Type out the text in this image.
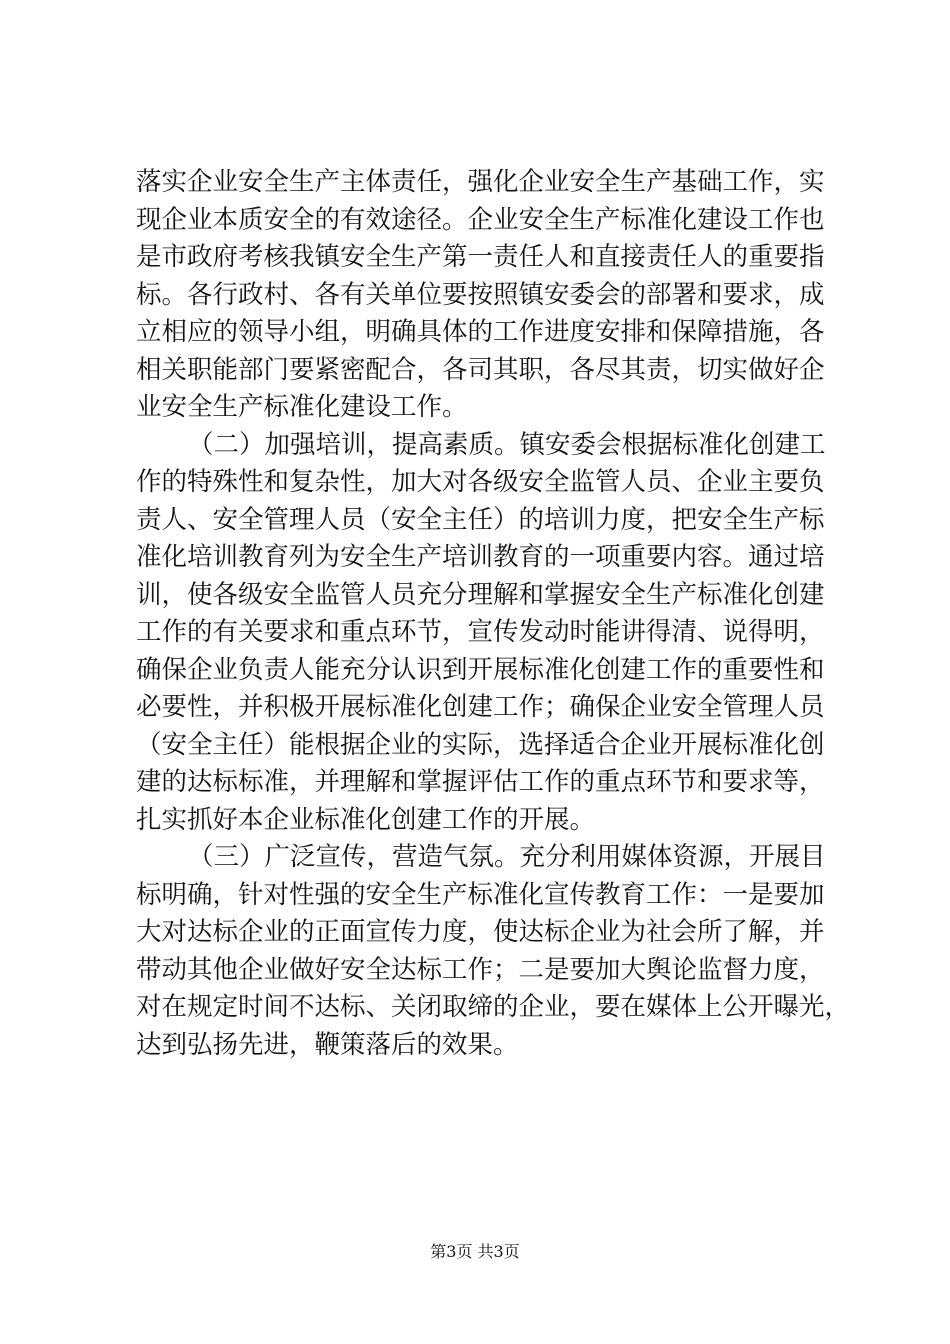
落实企业安全生产主体责任，强化企业安全生产基础工作，实
现企业本质安全的有效途径。企业安全生产标准化建设工作也
是市政府考核我镇安全生产第一责任人和直接责任人的重要指
标。各行政村、各有关单位要按照镇安委会的部署和要求，成
立相应的领导小组，明确具体的工作进度安排和保障措施，各
相关职能部门要紧密配合，各司其职，各尽其责，切实做好企
业安全生产标准化建设工作。
（二）加强培训，提高素质。镇安委会根据标准化创建工
作的特殊性和复杂性，加大对各级安全监管人员、企业主要负
责人、安全管理人员（安全主任）的培训力度，把安全生产标
准化培训教育列为安全生产培训教育的一项重要内容。通过培
训，使各级安全监管人员充分理解和掌握安全生产标准化创建
工作的有关要求和重点环节，宣传发动时能讲得清、说得明，
确保企业负责人能充分认识到开展标准化创建工作的重要性和
必要性，并积极开展标准化创建工作；确保企业安全管理人员
（安全主任）能根据企业的实际，选择适合企业开展标准化创
建的达标标准，并理解和掌握评估工作的重点环节和要求等，
扎实抓好本企业标准化创建工作的开展。
（三）广泛宣传，营造气氛。充分利用媒体资源，开展目
标明确，针对性强的安全生产标准化宣传教育工作：一是要加
大对达标企业的正面宣传力度，使达标企业为社会所了解，并
带动其他企业做好安全达标工作；二是要加大舆论监督力度，
对在规定时间不达标、关闭取缔的企业，要在媒体上公开曝光，
达到弘扬先进，鞭策落后的效果。
第3页 共3页
